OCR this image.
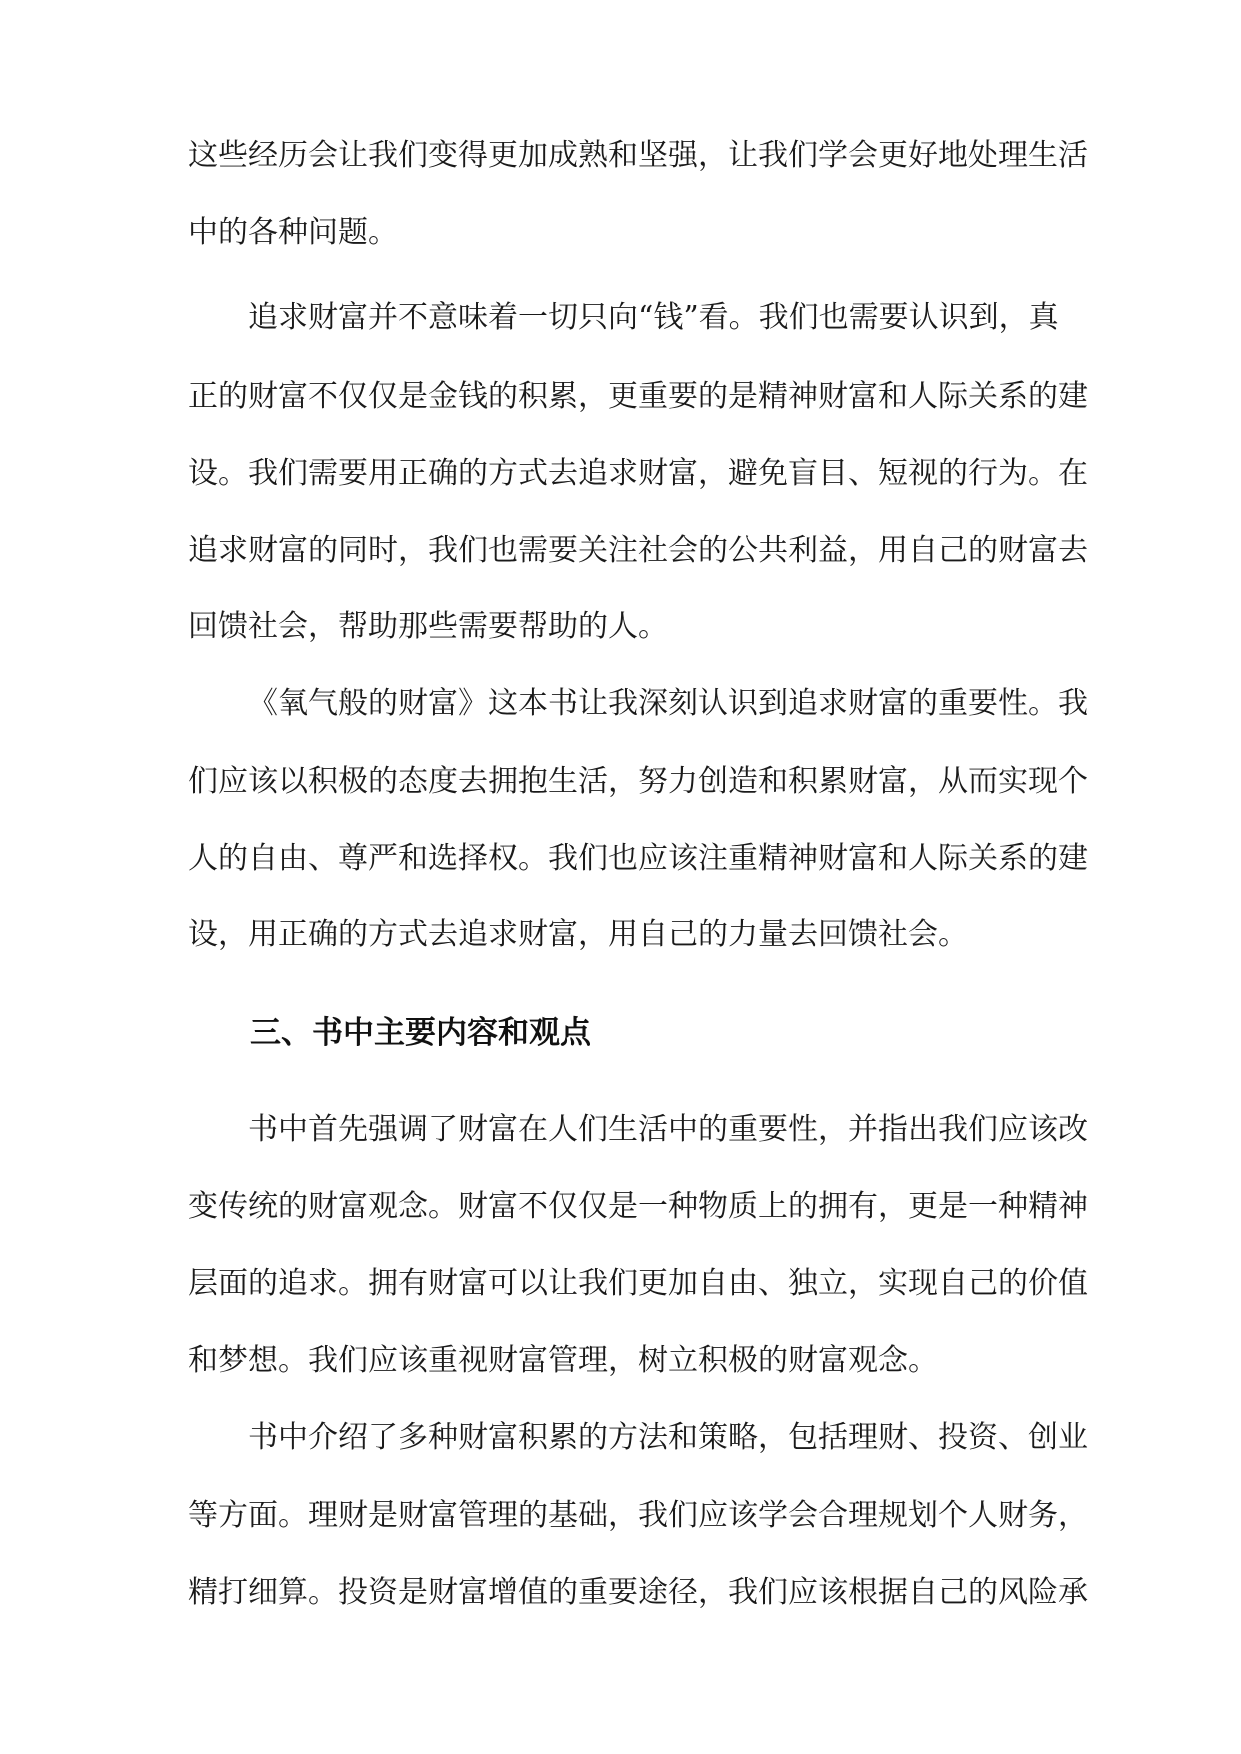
这些经历会让我们变得更加成熟和坚强，让我们学会更好地处理生活
中的各种问题。
追求财富并不意味着一切只向“钱”看。我们也需要认识到，真
正的财富不仅仅是金钱的积累，更重要的是精神财富和人际关系的建
设。我们需要用正确的方式去追求财富，避免盲目、短视的行为。在
追求财富的同时，我们也需要关注社会的公共利益，用自己的财富去
回馈社会，帮助那些需要帮助的人。
《氧气般的财富》这本书让我深刻认识到追求财富的重要性。我
们应该以积极的态度去拥抱生活，努力创造和积累财富，从而实现个
人的自由、尊严和选择权。我们也应该注重精神财富和人际关系的建
设，用正确的方式去追求财富，用自己的力量去回馈社会。
三、书中主要内容和观点
书中首先强调了财富在人们生活中的重要性，并指出我们应该改
变传统的财富观念。财富不仅仅是一种物质上的拥有，更是一种精神
层面的追求。拥有财富可以让我们更加自由、独立，实现自己的价值
和梦想。我们应该重视财富管理，树立积极的财富观念。
书中介绍了多种财富积累的方法和策略，包括理财、投资、创业
等方面。理财是财富管理的基础，我们应该学会合理规划个人财务，
精打细算。投资是财富增值的重要途径，我们应该根据自己的风险承
